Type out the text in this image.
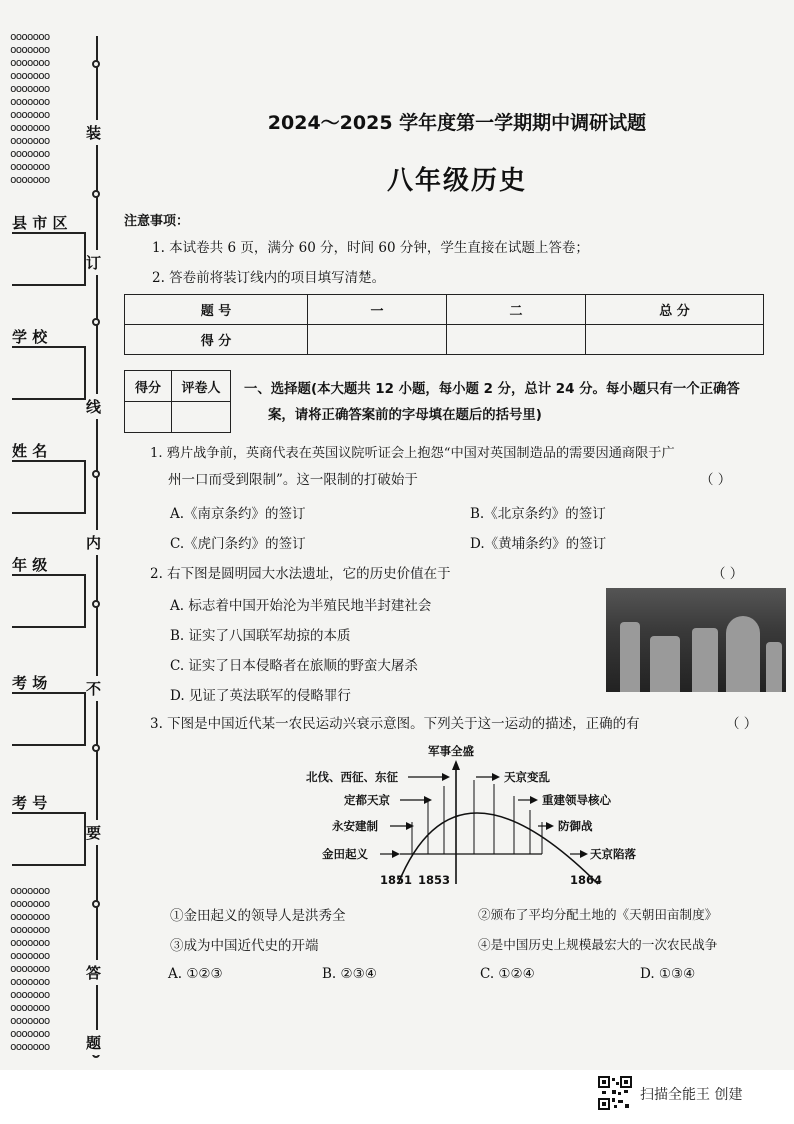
ooooooo
ooooooo
ooooooo
ooooooo
ooooooo
ooooooo
ooooooo
ooooooo
ooooooo
ooooooo
ooooooo
ooooooo
ooooooo
ooooooo
ooooooo
ooooooo
ooooooo
ooooooo
ooooooo
ooooooo
ooooooo
ooooooo
ooooooo
ooooooo
ooooooo
装
订
线
内
不
要
答
题
县 市 区
学 校
姓 名
年 级
考 场
考 号
2024～2025 学年度第一学期期中调研试题
八年级历史
注意事项：
1. 本试卷共 6 页，满分 60 分，时间 60 分钟，学生直接在试题上答卷；
2. 答卷前将装订线内的项目填写清楚。
题 号	一	二	总 分
得 分			
得分	评卷人
	一、选择题(本大题共 12 小题，每小题 2 分，总计 24 分。每小题只有一个正确答
案，请将正确答案前的字母填在题后的括号里)
1. 鸦片战争前，英商代表在英国议院听证会上抱怨“中国对英国制造品的需要因通商限于广
州一口而受到限制”。这一限制的打破始于	（ ）
A.《南京条约》的签订	B.《北京条约》的签订
C.《虎门条约》的签订	D.《黄埔条约》的签订
2. 右下图是圆明园大水法遗址，它的历史价值在于	（ ）
A. 标志着中国开始沦为半殖民地半封建社会
B. 证实了八国联军劫掠的本质
C. 证实了日本侵略者在旅顺的野蛮大屠杀
D. 见证了英法联军的侵略罪行
3. 下图是中国近代某一农民运动兴衰示意图。下列关于这一运动的描述，正确的有	（ ）
军事全盛
北伐、西征、东征
定都天京
永安建制
金田起义
天京变乱
重建领导核心
防御战
天京陷落
1851 1853	1864
①金田起义的领导人是洪秀全	②颁布了平均分配土地的《天朝田亩制度》
③成为中国近代史的开端	④是中国历史上规模最宏大的一次农民战争
A. ①②③	B. ②③④	C. ①②④	D. ①③④
扫描全能王 创建
